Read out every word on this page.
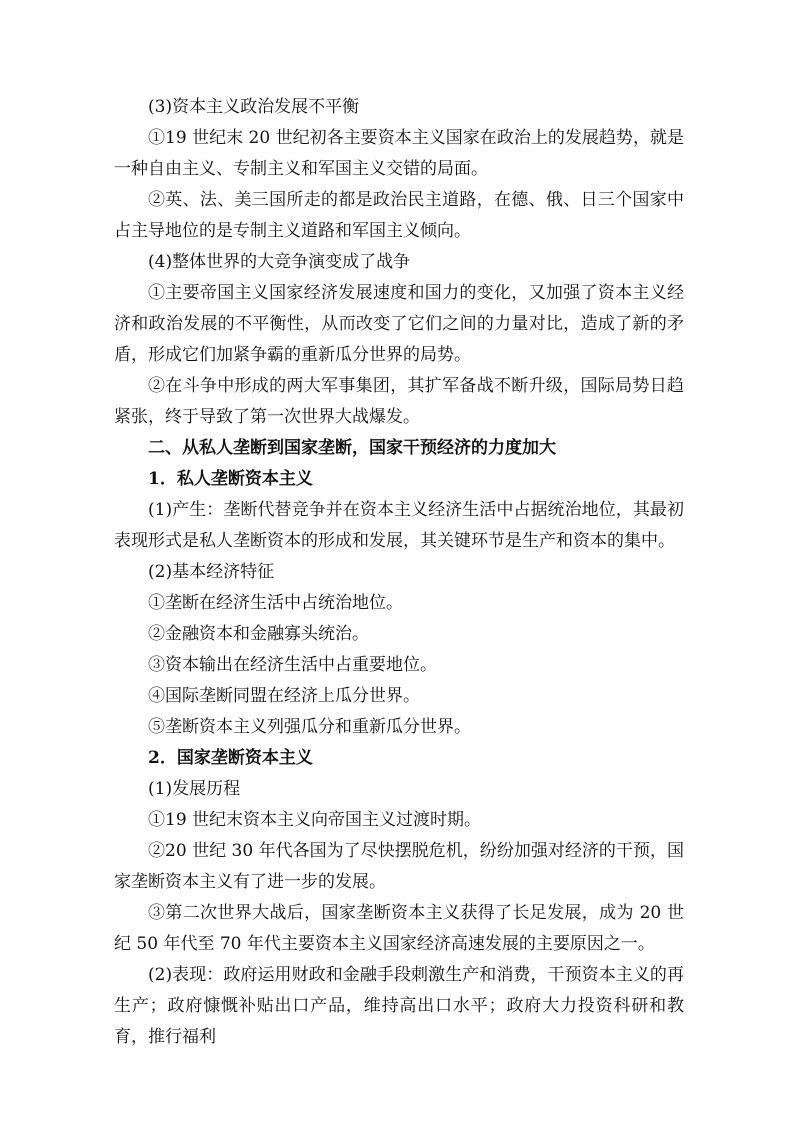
(3)资本主义政治发展不平衡

①19 世纪末 20 世纪初各主要资本主义国家在政治上的发展趋势，就是一种自由主义、专制主义和军国主义交错的局面。

②英、法、美三国所走的都是政治民主道路，在德、俄、日三个国家中占主导地位的是专制主义道路和军国主义倾向。

(4)整体世界的大竞争演变成了战争

①主要帝国主义国家经济发展速度和国力的变化，又加强了资本主义经济和政治发展的不平衡性，从而改变了它们之间的力量对比，造成了新的矛盾，形成它们加紧争霸的重新瓜分世界的局势。

②在斗争中形成的两大军事集团，其扩军备战不断升级，国际局势日趋紧张，终于导致了第一次世界大战爆发。

二、从私人垄断到国家垄断，国家干预经济的力度加大

1．私人垄断资本主义

(1)产生：垄断代替竞争并在资本主义经济生活中占据统治地位，其最初表现形式是私人垄断资本的形成和发展，其关键环节是生产和资本的集中。

(2)基本经济特征

①垄断在经济生活中占统治地位。

②金融资本和金融寡头统治。

③资本输出在经济生活中占重要地位。

④国际垄断同盟在经济上瓜分世界。

⑤垄断资本主义列强瓜分和重新瓜分世界。

2．国家垄断资本主义

(1)发展历程

①19 世纪末资本主义向帝国主义过渡时期。

②20 世纪 30 年代各国为了尽快摆脱危机，纷纷加强对经济的干预，国家垄断资本主义有了进一步的发展。

③第二次世界大战后，国家垄断资本主义获得了长足发展，成为 20 世纪 50 年代至 70 年代主要资本主义国家经济高速发展的主要原因之一。

(2)表现：政府运用财政和金融手段刺激生产和消费，干预资本主义的再生产；政府慷慨补贴出口产品，维持高出口水平；政府大力投资科研和教育，推行福利
